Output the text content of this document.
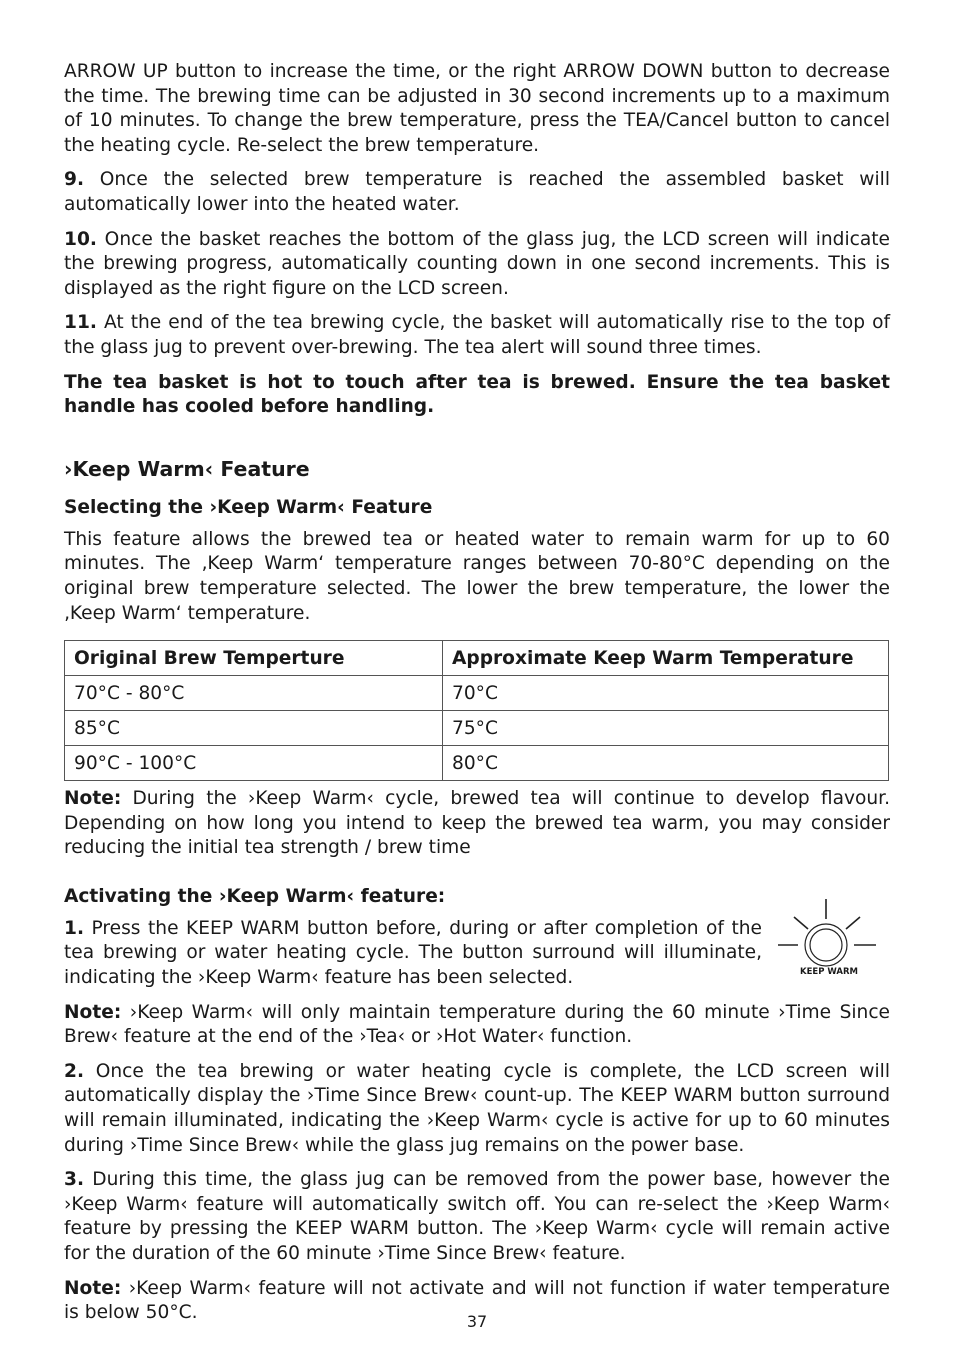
ARROW UP button to increase the time, or the right ARROW DOWN button to decrease the time. The brewing time can be adjusted in 30 second increments up to a maximum of 10 minutes. To change the brew temperature, press the TEA/Cancel button to cancel the heating cycle. Re-select the brew temperature.

9. Once the selected brew temperature is reached the assembled basket will automatically lower into the heated water.

10. Once the basket reaches the bottom of the glass jug, the LCD screen will indicate the brewing progress, automatically counting down in one second increments. This is displayed as the right figure on the LCD screen.

11. At the end of the tea brewing cycle, the basket will automatically rise to the top of the glass jug to prevent over-brewing. The tea alert will sound three times.

The tea basket is hot to touch after tea is brewed. Ensure the tea basket handle has cooled before handling.

›Keep Warm‹ Feature
Selecting the ›Keep Warm‹ Feature

This feature allows the brewed tea or heated water to remain warm for up to 60 minutes. The ‚Keep Warm‘ temperature ranges between 70-80°C depending on the original brew temperature selected. The lower the brew temperature, the lower the ‚Keep Warm‘ temperature.

Original Brew Temperture	Approximate Keep Warm Temperature
70°C - 80°C	70°C
85°C	75°C
90°C - 100°C	80°C

Note: During the ›Keep Warm‹ cycle, brewed tea will continue to develop flavour. Depending on how long you intend to keep the brewed tea warm, you may consider reducing the initial tea strength / brew time

Activating the ›Keep Warm‹ feature:

1. Press the KEEP WARM button before, during or after completion of the tea brewing or water heating cycle. The button surround will illuminate, indicating the ›Keep Warm‹ feature has been selected.	KEEP WARM

Note: ›Keep Warm‹ will only maintain temperature during the 60 minute ›Time Since Brew‹ feature at the end of the ›Tea‹ or ›Hot Water‹ function.

2. Once the tea brewing or water heating cycle is complete, the LCD screen will automatically display the ›Time Since Brew‹ count-up. The KEEP WARM button surround will remain illuminated, indicating the ›Keep Warm‹ cycle is active for up to 60 minutes during ›Time Since Brew‹ while the glass jug remains on the power base.

3. During this time, the glass jug can be removed from the power base, however the ›Keep Warm‹ feature will automatically switch off. You can re-select the ›Keep Warm‹ feature by pressing the KEEP WARM button. The ›Keep Warm‹ cycle will remain active for the duration of the 60 minute ›Time Since Brew‹ feature.

Note: ›Keep Warm‹ feature will not activate and will not function if water temperature is below 50°C.	37
